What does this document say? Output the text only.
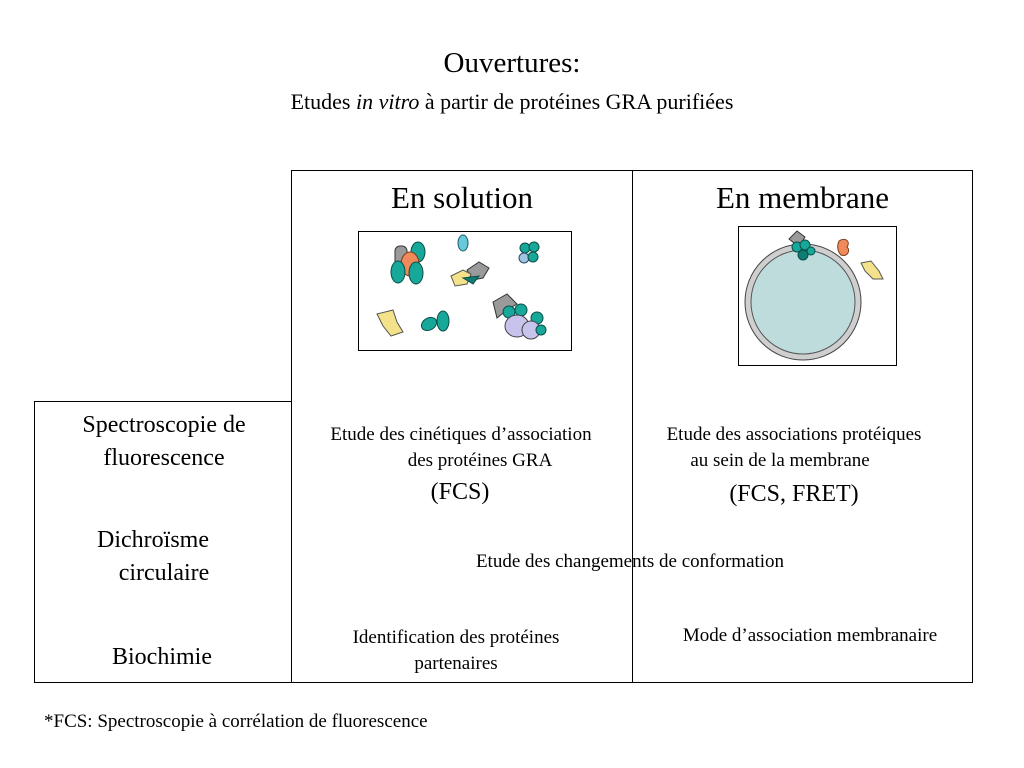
Ouvertures:
Etudes in vitro à partir de protéines GRA purifiées
En solution	En membrane
Spectroscopie de
fluorescence
Dichroïsme
circulaire
Biochimie
Etude des cinétiques d’association
des protéines GRA
(FCS)
Etude des associations protéiques
au sein de la membrane
(FCS, FRET)
Etude des changements de conformation
Identification des protéines
partenaires
Mode d’association membranaire
*FCS: Spectroscopie à corrélation de fluorescence
